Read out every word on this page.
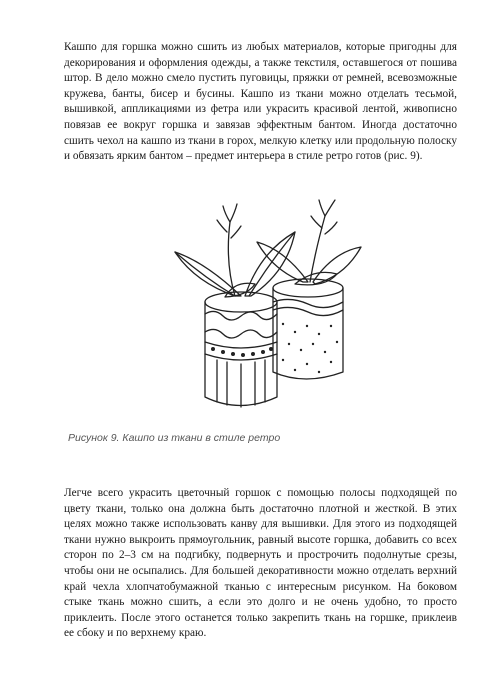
Кашпо для горшка можно сшить из любых материалов, которые пригодны для декорирования и оформления одежды, а также текстиля, оставшегося от пошива штор. В дело можно смело пустить пуговицы, пряжки от ремней, всевозможные кружева, банты, бисер и бусины. Кашпо из ткани можно отделать тесьмой, вышивкой, аппликациями из фетра или украсить красивой лентой, живописно повязав ее вокруг горшка и завязав эффектным бантом. Иногда достаточно сшить чехол на кашпо из ткани в горох, мелкую клетку или продольную полоску и обвязать ярким бантом – предмет интерьера в стиле ретро готов (рис. 9).

Рисунок 9. Кашпо из ткани в стиле ретро

Легче всего украсить цветочный горшок с помощью полосы подходящей по цвету ткани, только она должна быть достаточно плотной и жесткой. В этих целях можно также использовать канву для вышивки. Для этого из подходящей ткани нужно выкроить прямоугольник, равный высоте горшка, добавить со всех сторон по 2–3 см на подгибку, подвернуть и прострочить подолнутые срезы, чтобы они не осыпались. Для большей декоративности можно отделать верхний край чехла хлопчатобумажной тканью с интересным рисунком. На боковом стыке ткань можно сшить, а если это долго и не очень удобно, то просто приклеить. После этого останется только закрепить ткань на горшке, приклеив ее сбоку и по верхнему краю.
